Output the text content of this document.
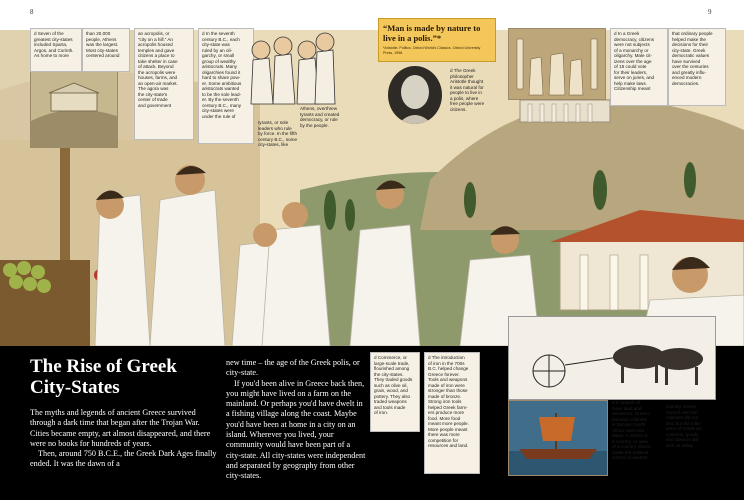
8	9
d Seven of the
greatest city-states
included Sparta,
Argos, and Corinth.
As home to more
than 20,000
people, Athens
was the largest.
Most city-states
centered around
an acropolis, or
“city on a hill.” An
acropolis housed
temples and gave
citizens a place to
take shelter in case
of attack. Beyond
the acropolis were
houses, farms, and
an open-air market.
The agora was
the city-state's
center of trade
and government
d In the seventh
century B.C., each
city-state was
ruled by an oli-
garchy, or small
group of wealthy
aristocrats. Many
oligarchies found it
hard to share pow-
er. Some ambitious
aristocrats wanted
to be the sole lead-
er. By the seventh
century B.C., many
city-states were
under the rule of
tyrants, or sole
leaders who rule
by force. In the fifth
century B.C., some
city-states, like
Athens, overthrew
tyrants and created
democracy, or rule
by the people.
“Man is made by nature to live in a polis.”*
*Aristotle, Politics, Oxford World's Classics. Oxford University Press, 1998.
d The Greek
philosopher
Aristotle thought
it was natural for
people to live in
a polis, where
free people were
citizens.
d In a Greek
democracy, citizens
were not subjects
of a monarchy or
oligarchy. Male cit-
izens over the age
of 18 could vote
for their leaders,
serve on juries, and
help make laws.
Citizenship meant
that ordinary people
helped make the
decisions for their
city-state. Greek
democratic values
have survived
over the centuries
and greatly influ-
enced modern
democracies.
The Rise of Greek
City-States

The myths and legends of ancient Greece survived through a dark time that began after the Trojan War. Cities became empty, art almost disappeared, and there were no books for hundreds of years.

Then, around 750 B.C.E., the Greek Dark Ages finally ended. It was the dawn of a

new time – the age of the Greek polis, or city-state.

If you'd been alive in Greece back then, you might have lived on a farm on the mainland. Or perhaps you'd have dwelt in a fishing village along the coast. Maybe you'd have been at home in a city on an island. Wherever you lived, your community would have been part of a city-state. All city-states were independent and separated by geography from other city-states.

d Commerce, or
large-scale trade,
flourished among
the city-states.
They traded goods
such as olive oil,
grain, wood, and
pottery. They also
traded weapons
and tools made
of iron.
d The introduction
of iron in the 700s
B.C. helped change
Greece forever.
Tools and weapons
made of iron were
stronger than those
made of bronze.
Strong iron tools
helped Greek farm-
ers produce more
food. More food
meant more people.
More people meant
there was more
competition for
resources and land.
d In search of
more land and
resources, Greece
founded colonies
in Europe, North
Africa, and Asia
Minor. A colony is
a country, or area
of a country, that is
under the political
control of another
country. Greek
control over the
colonies did not
last, but the influ-
ence of Greek art,
customs, goods,
and ideas is still
with us today.
